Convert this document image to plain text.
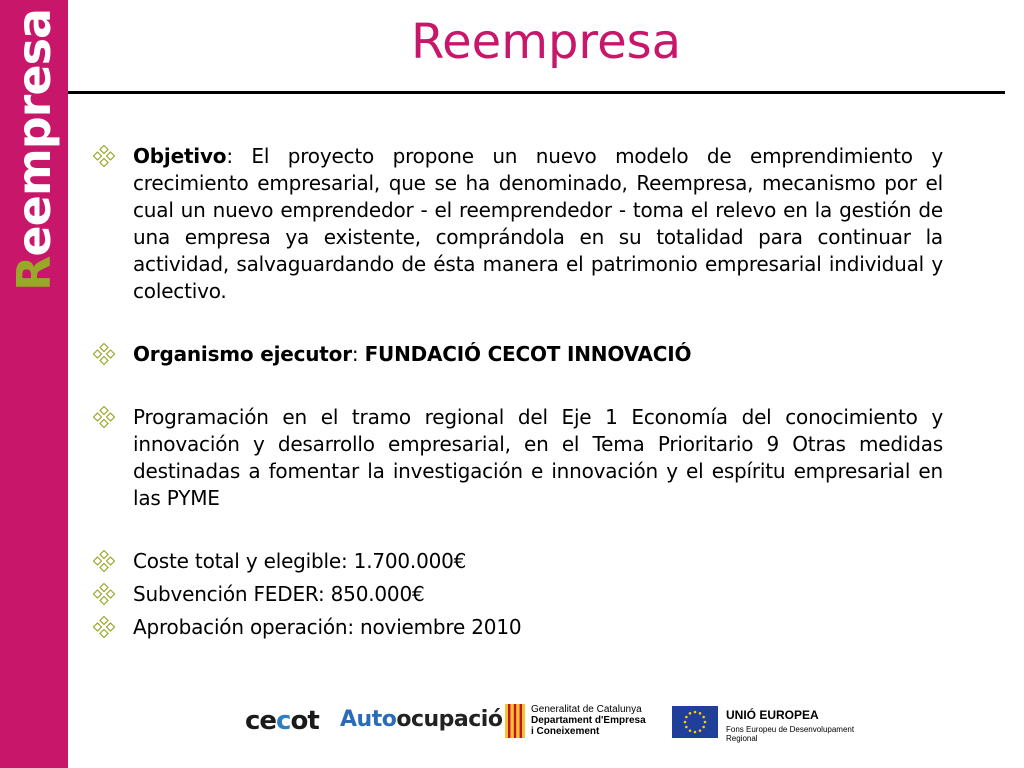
Reempresa	Reempresa
Objetivo: El proyecto propone un nuevo modelo de emprendimiento y crecimiento empresarial, que se ha denominado, Reempresa, mecanismo por el cual un nuevo emprendedor - el reemprendedor - toma el relevo en la gestión de una empresa ya existente, comprándola en su totalidad para continuar la actividad, salvaguardando de ésta manera el patrimonio empresarial individual y colectivo.
Organismo ejecutor: FUNDACIÓ CECOT INNOVACIÓ
Programación en el tramo regional del Eje 1 Economía del conocimiento y innovación y desarrollo empresarial, en el Tema Prioritario 9 Otras medidas destinadas a fomentar la investigación e innovación y el espíritu empresarial en las PYME
Coste total y elegible: 1.700.000€
Subvención FEDER: 850.000€
Aprobación operación: noviembre 2010
cecot Autoocupació	Generalitat de Catalunya
Departament d'Empresa
i Coneixement
UNIÓ EUROPEA
Fons Europeu de Desenvolupament Regional
